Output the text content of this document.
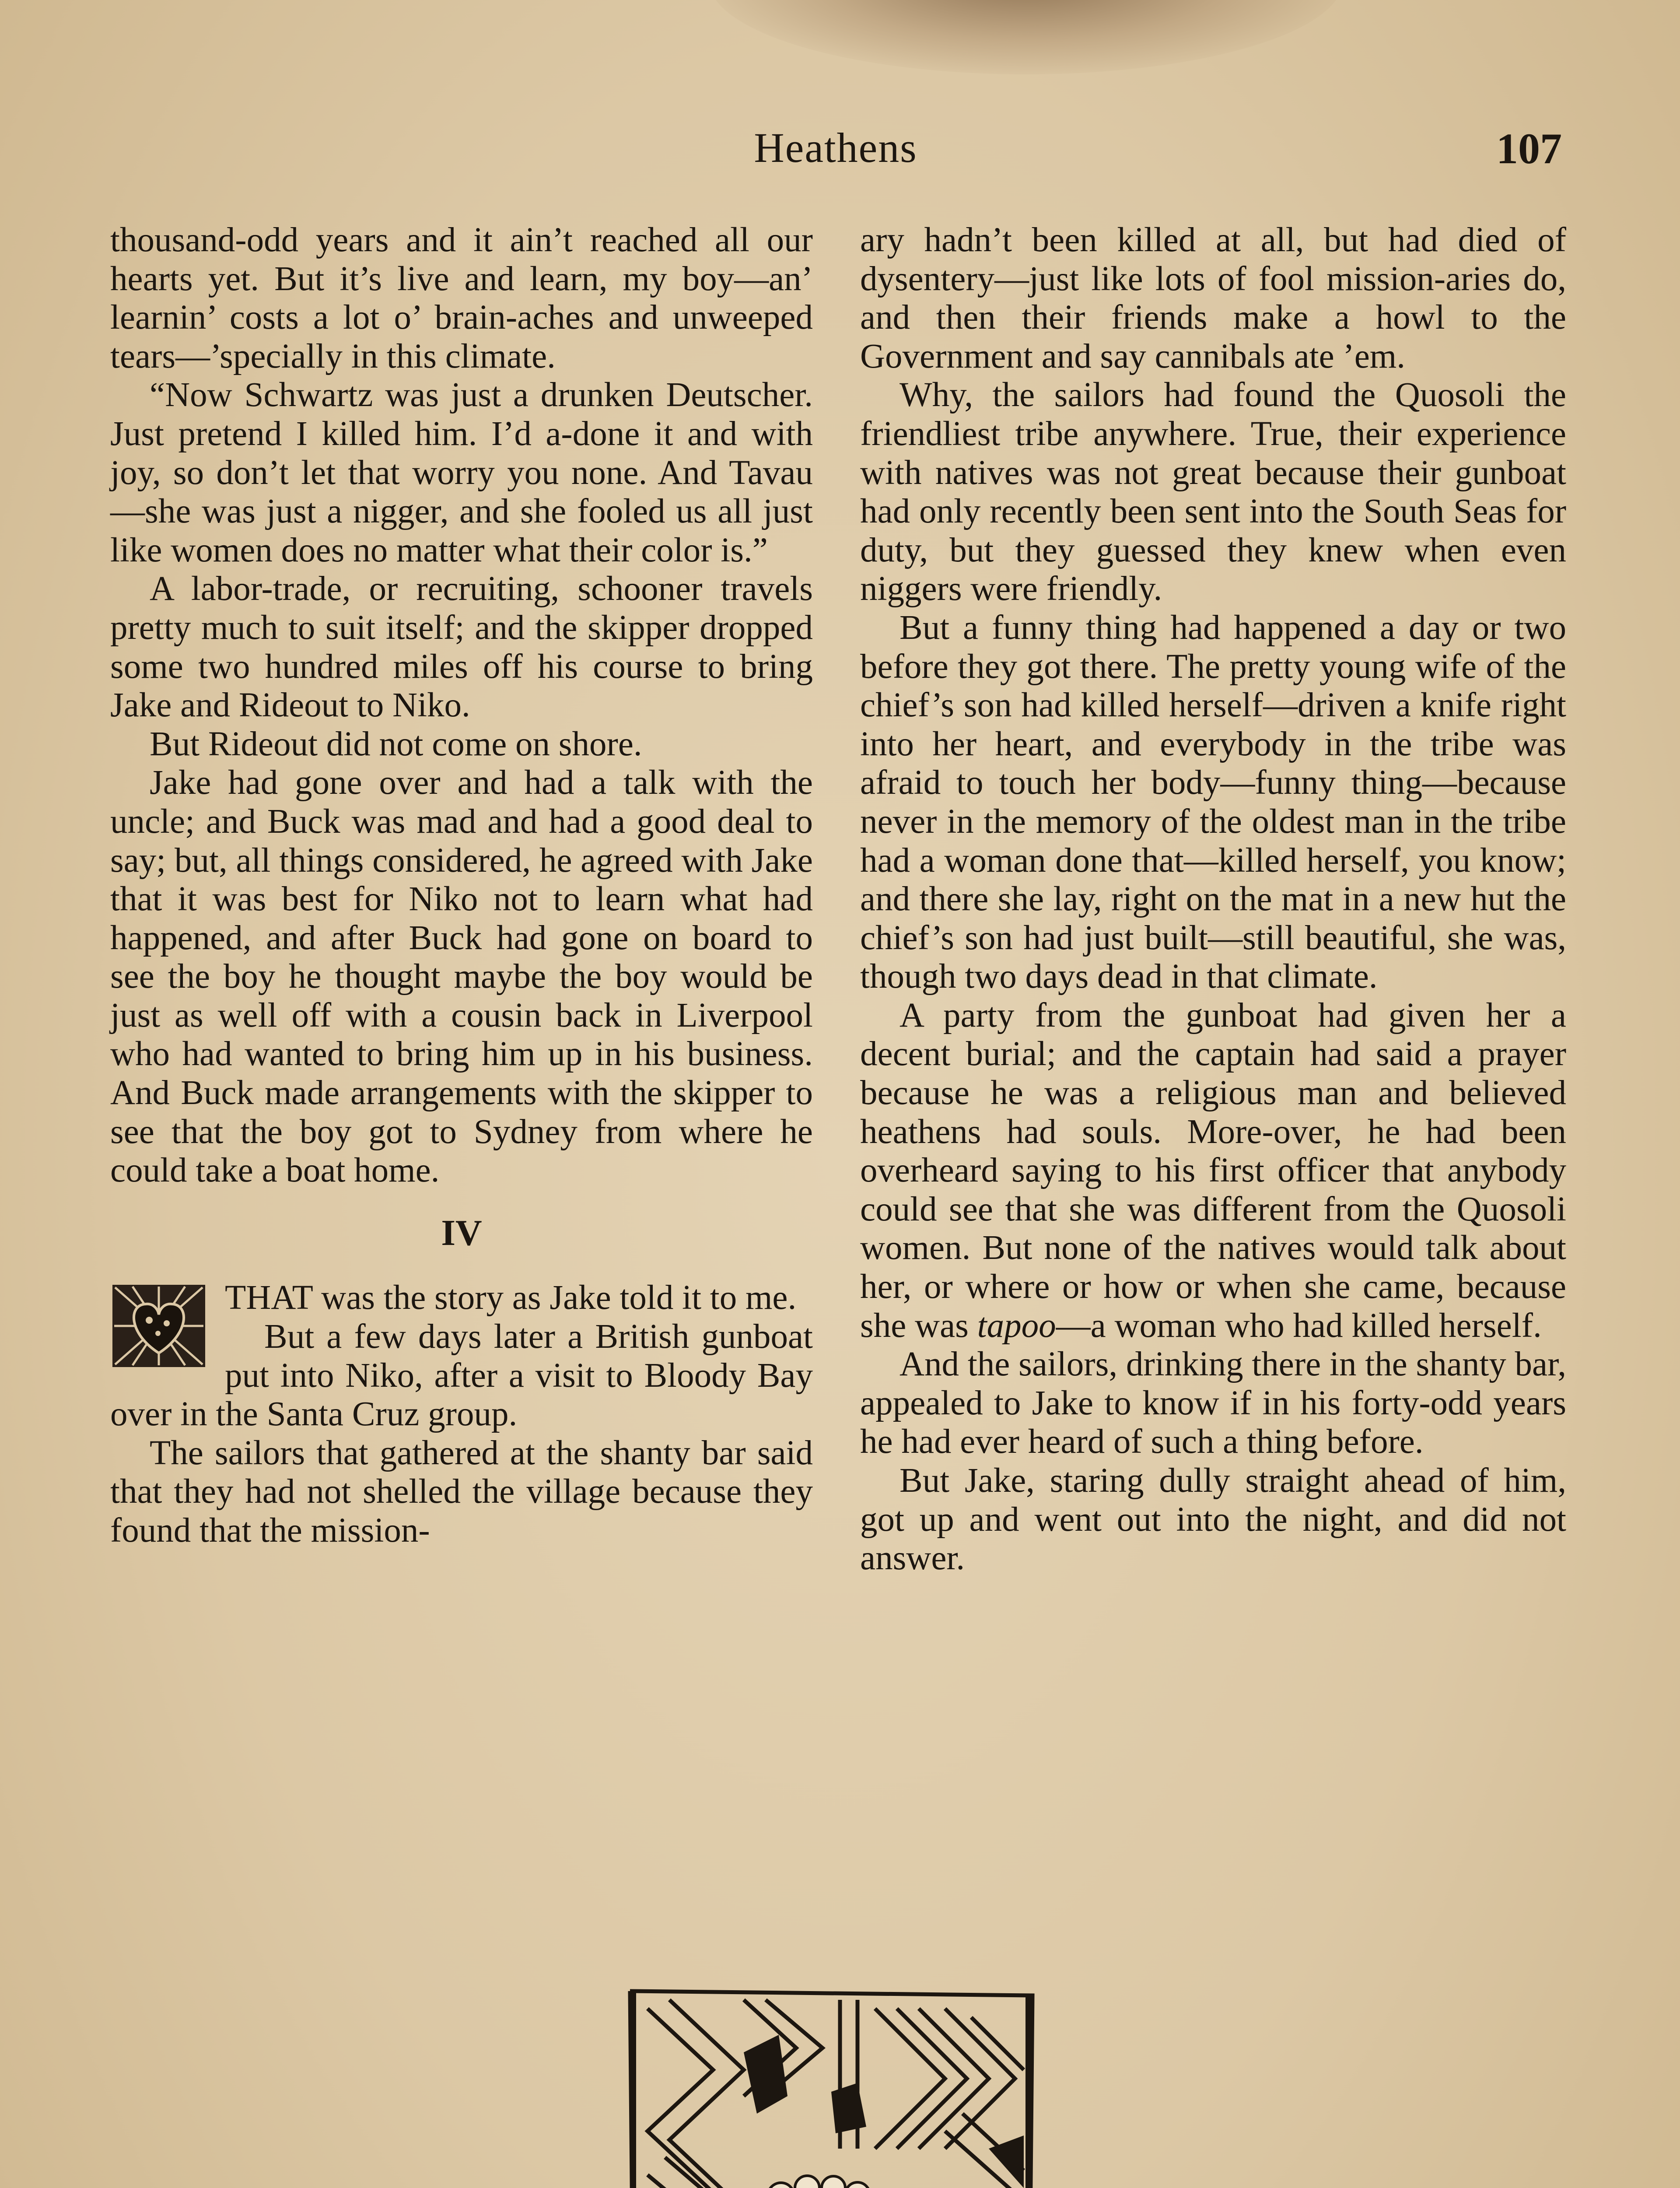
Heathens	107

thousand-odd years and it ain’t reached all our hearts yet. But it’s live and learn, my boy—an’ learnin’ costs a lot o’ brain-aches and unweeped tears—’specially in this climate.

“Now Schwartz was just a drunken Deutscher. Just pretend I killed him. I’d a-done it and with joy, so don’t let that worry you none. And Tavau—she was just a nigger, and she fooled us all just like women does no matter what their color is.”

A labor-trade, or recruiting, schooner travels pretty much to suit itself; and the skipper dropped some two hundred miles off his course to bring Jake and Rideout to Niko.

But Rideout did not come on shore.

Jake had gone over and had a talk with the uncle; and Buck was mad and had a good deal to say; but, all things considered, he agreed with Jake that it was best for Niko not to learn what had happened, and after Buck had gone on board to see the boy he thought maybe the boy would be just as well off with a cousin back in Liverpool who had wanted to bring him up in his business. And Buck made arrangements with the skipper to see that the boy got to Sydney from where he could take a boat home.

IV

THAT was the story as Jake told it to me.

But a few days later a British gunboat put into Niko, after a visit to Bloody Bay over in the Santa Cruz group.

The sailors that gathered at the shanty bar said that they had not shelled the village because they found that the mission-

ary hadn’t been killed at all, but had died of dysentery—just like lots of fool mission-aries do, and then their friends make a howl to the Government and say cannibals ate ’em.

Why, the sailors had found the Quosoli the friendliest tribe anywhere. True, their experience with natives was not great because their gunboat had only recently been sent into the South Seas for duty, but they guessed they knew when even niggers were friendly.

But a funny thing had happened a day or two before they got there. The pretty young wife of the chief’s son had killed herself—driven a knife right into her heart, and everybody in the tribe was afraid to touch her body—funny thing—because never in the memory of the oldest man in the tribe had a woman done that—killed herself, you know; and there she lay, right on the mat in a new hut the chief’s son had just built—still beautiful, she was, though two days dead in that climate.

A party from the gunboat had given her a decent burial; and the captain had said a prayer because he was a religious man and believed heathens had souls. More-over, he had been overheard saying to his first officer that anybody could see that she was different from the Quosoli women. But none of the natives would talk about her, or where or how or when she came, because she was tapoo—a woman who had killed herself.

And the sailors, drinking there in the shanty bar, appealed to Jake to know if in his forty-odd years he had ever heard of such a thing before.

But Jake, staring dully straight ahead of him, got up and went out into the night, and did not answer.
